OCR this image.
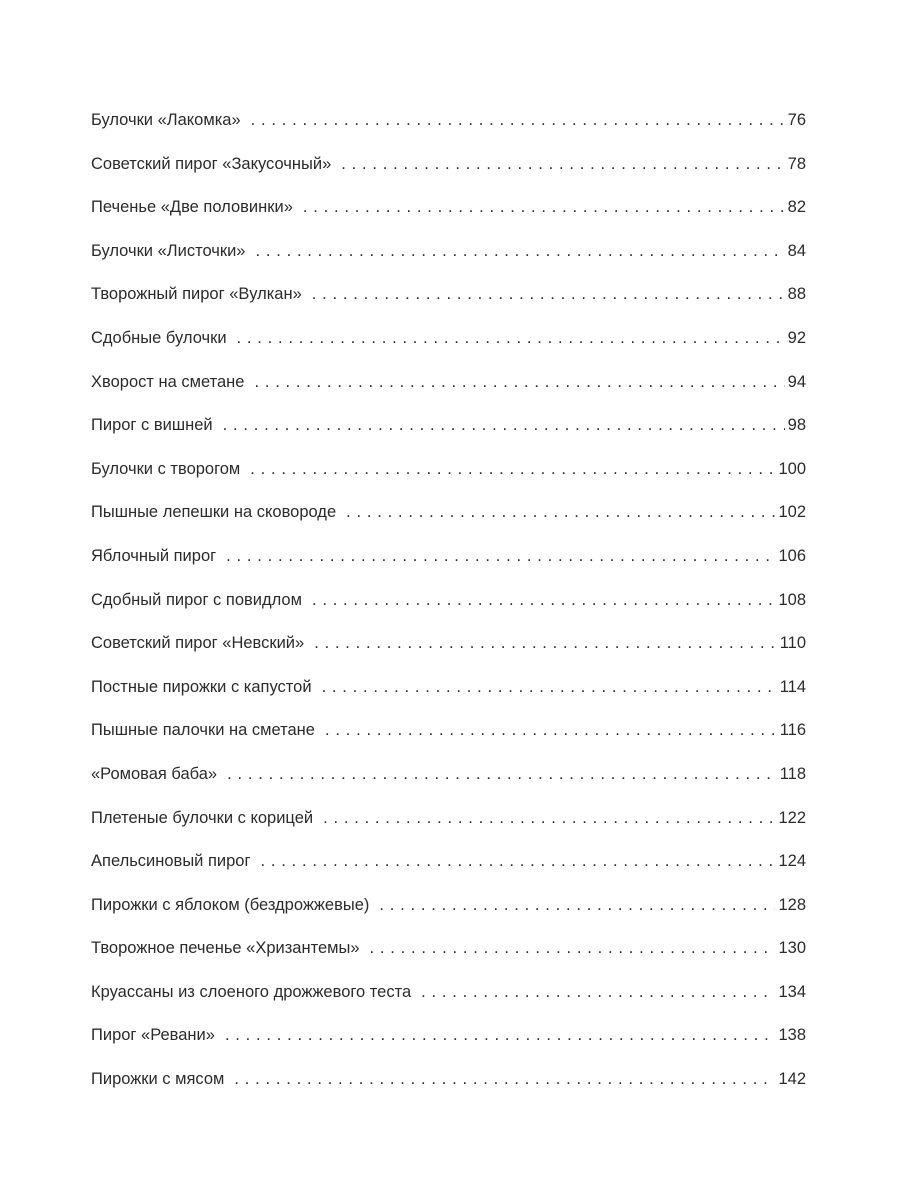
Булочки «Лакомка» . . .	76
Советский пирог «Закусочный» . . .	78
Печенье «Две половинки» . . .	82
Булочки «Листочки» . . .	84
Творожный пирог «Вулкан» . . .	88
Сдобные булочки . . .	92
Хворост на сметане . . .	94
Пирог с вишней . . .	98
Булочки с творогом . . .	100
Пышные лепешки на сковороде . . .	102
Яблочный пирог . . .	106
Сдобный пирог с повидлом . . .	108
Советский пирог «Невский» . . .	110
Постные пирожки с капустой . . .	114
Пышные палочки на сметане . . .	116
«Ромовая баба» . . .	118
Плетеные булочки с корицей . . .	122
Апельсиновый пирог . . .	124
Пирожки с яблоком (бездрожжевые) . . .	128
Творожное печенье «Хризантемы» . . .	130
Круассаны из слоеного дрожжевого теста . . .	134
Пирог «Ревани» . . .	138
Пирожки с мясом . . .	142
